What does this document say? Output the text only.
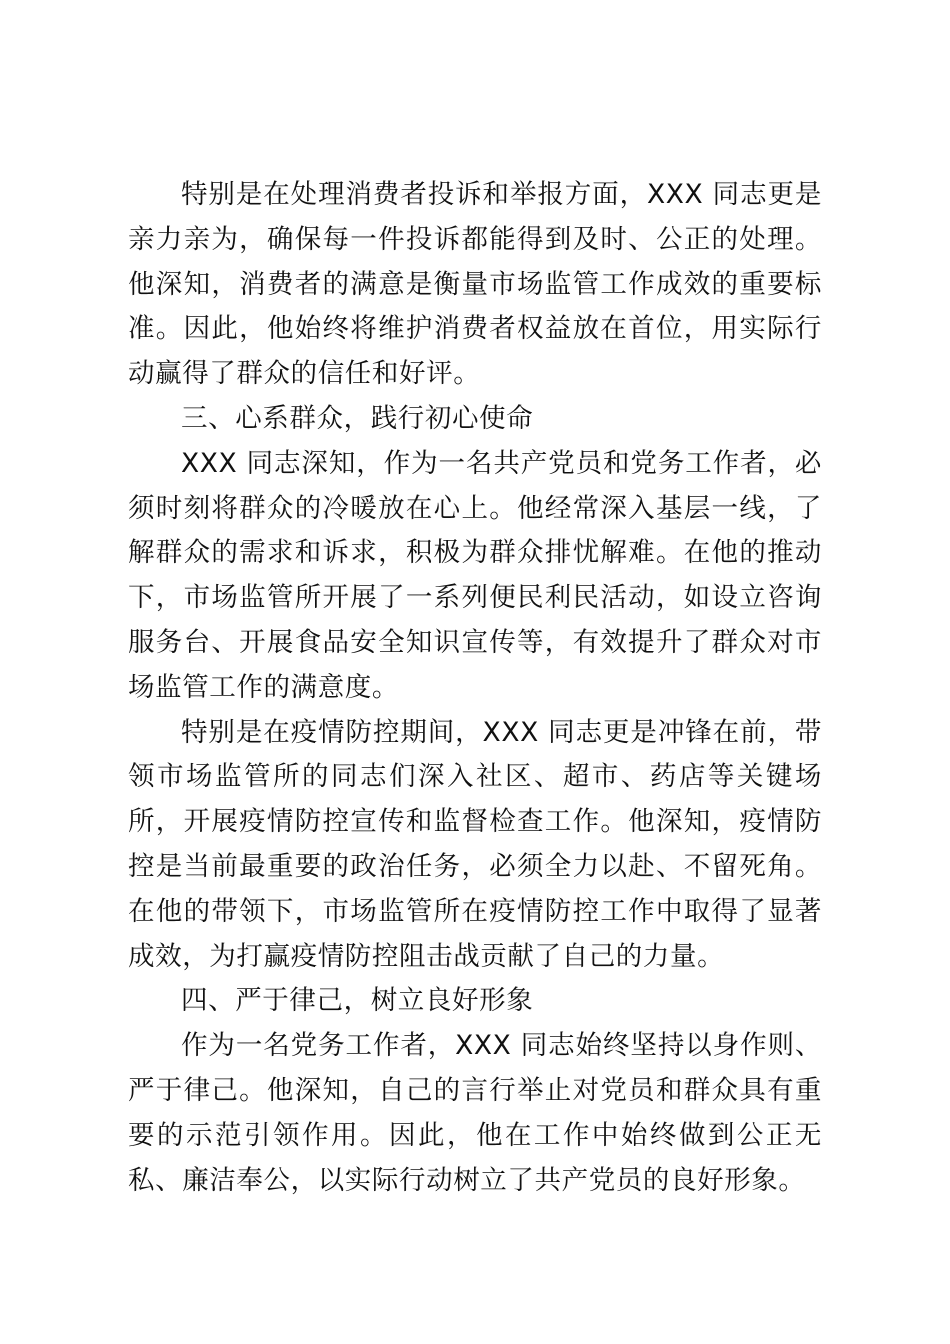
特别是在处理消费者投诉和举报方面，XXX 同志更是亲力亲为，确保每一件投诉都能得到及时、公正的处理。他深知，消费者的满意是衡量市场监管工作成效的重要标准。因此，他始终将维护消费者权益放在首位，用实际行动赢得了群众的信任和好评。

三、心系群众，践行初心使命

XXX 同志深知，作为一名共产党员和党务工作者，必须时刻将群众的冷暖放在心上。他经常深入基层一线，了解群众的需求和诉求，积极为群众排忧解难。在他的推动下，市场监管所开展了一系列便民利民活动，如设立咨询服务台、开展食品安全知识宣传等，有效提升了群众对市场监管工作的满意度。

特别是在疫情防控期间，XXX 同志更是冲锋在前，带领市场监管所的同志们深入社区、超市、药店等关键场所，开展疫情防控宣传和监督检查工作。他深知，疫情防控是当前最重要的政治任务，必须全力以赴、不留死角。在他的带领下，市场监管所在疫情防控工作中取得了显著成效，为打赢疫情防控阻击战贡献了自己的力量。

四、严于律己，树立良好形象

作为一名党务工作者，XXX 同志始终坚持以身作则、严于律己。他深知，自己的言行举止对党员和群众具有重要的示范引领作用。因此，他在工作中始终做到公正无私、廉洁奉公，以实际行动树立了共产党员的良好形象。
